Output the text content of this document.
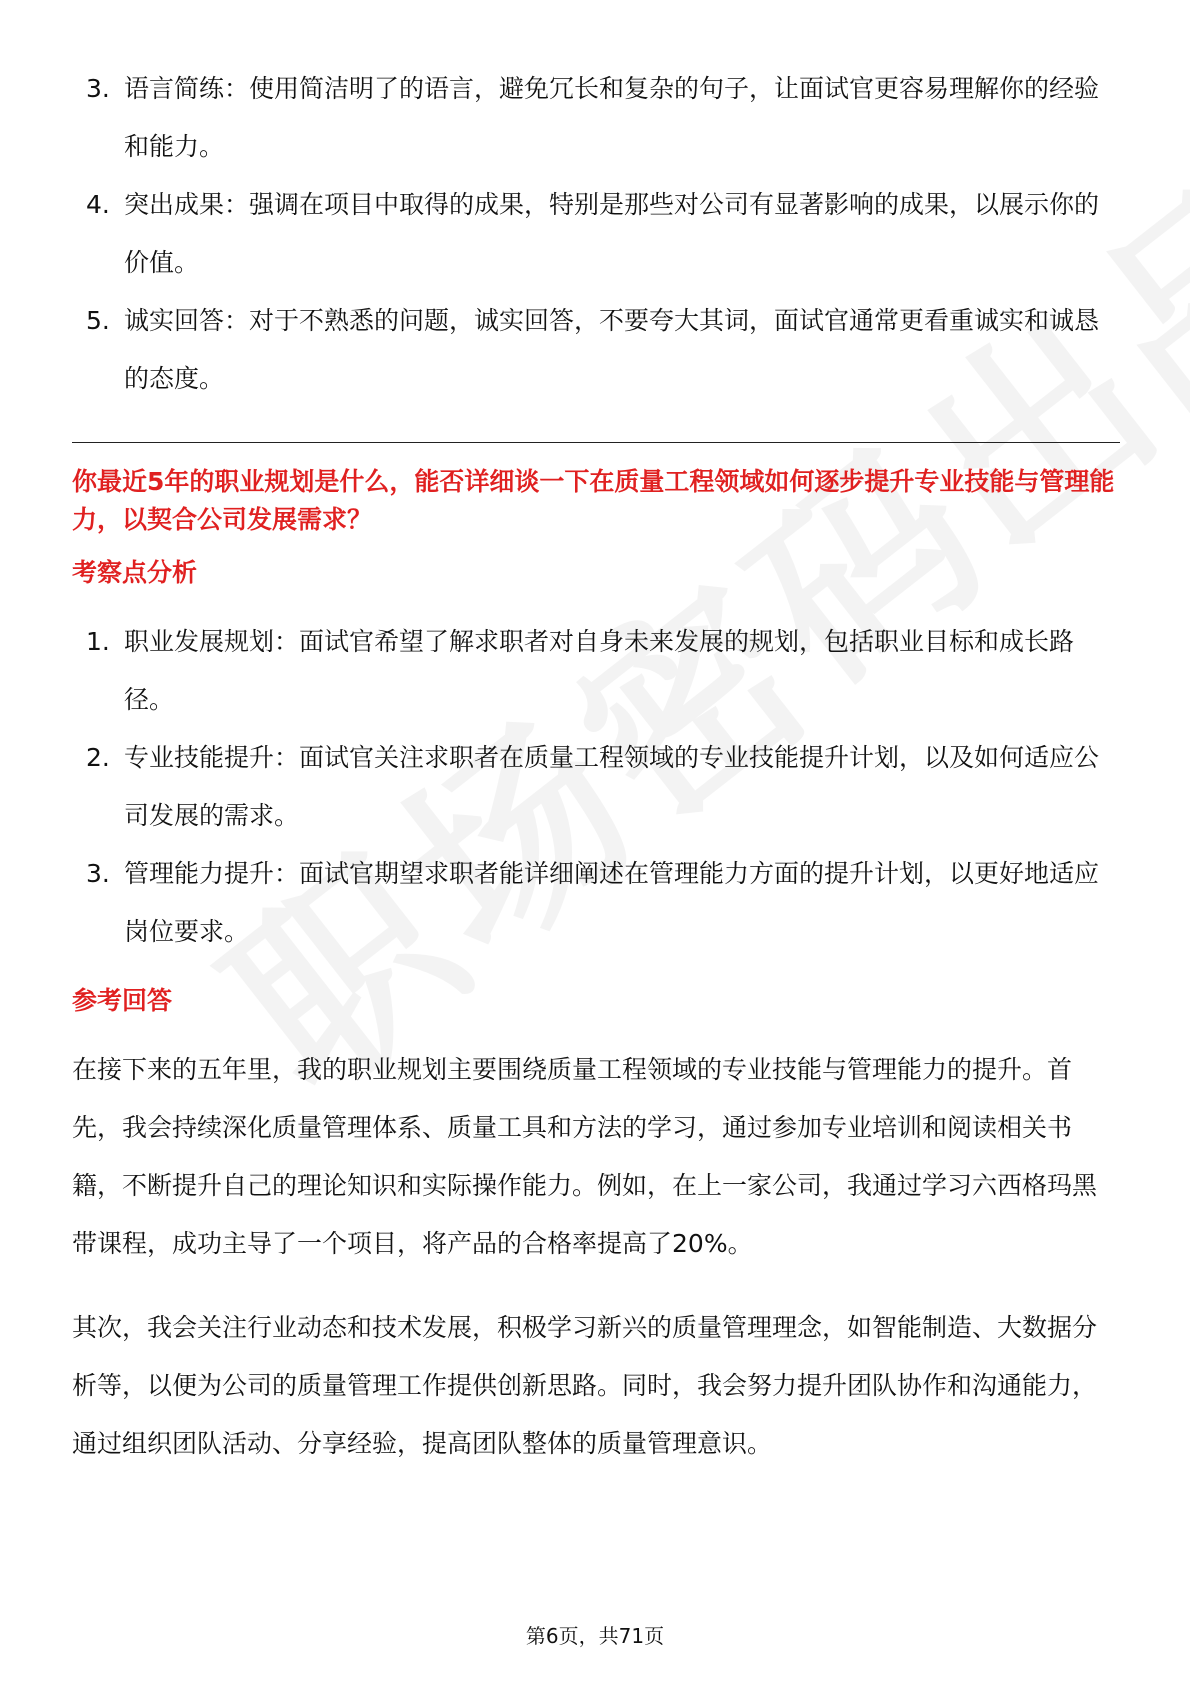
3. 语言简练：使用简洁明了的语言，避免冗长和复杂的句子，让面试官更容易理解你的经验和能力。
4. 突出成果：强调在项目中取得的成果，特别是那些对公司有显著影响的成果，以展示你的价值。
5. 诚实回答：对于不熟悉的问题，诚实回答，不要夸大其词，面试官通常更看重诚实和诚恳的态度。
你最近5年的职业规划是什么，能否详细谈一下在质量工程领域如何逐步提升专业技能与管理能力，以契合公司发展需求？
考察点分析
1. 职业发展规划：面试官希望了解求职者对自身未来发展的规划，包括职业目标和成长路径。
2. 专业技能提升：面试官关注求职者在质量工程领域的专业技能提升计划，以及如何适应公司发展的需求。
3. 管理能力提升：面试官期望求职者能详细阐述在管理能力方面的提升计划，以更好地适应岗位要求。
参考回答

在接下来的五年里，我的职业规划主要围绕质量工程领域的专业技能与管理能力的提升。首先，我会持续深化质量管理体系、质量工具和方法的学习，通过参加专业培训和阅读相关书籍，不断提升自己的理论知识和实际操作能力。例如，在上一家公司，我通过学习六西格玛黑带课程，成功主导了一个项目，将产品的合格率提高了20%。

其次，我会关注行业动态和技术发展，积极学习新兴的质量管理理念，如智能制造、大数据分析等，以便为公司的质量管理工作提供创新思路。同时，我会努力提升团队协作和沟通能力，通过组织团队活动、分享经验，提高团队整体的质量管理意识。

第6页，共71页
